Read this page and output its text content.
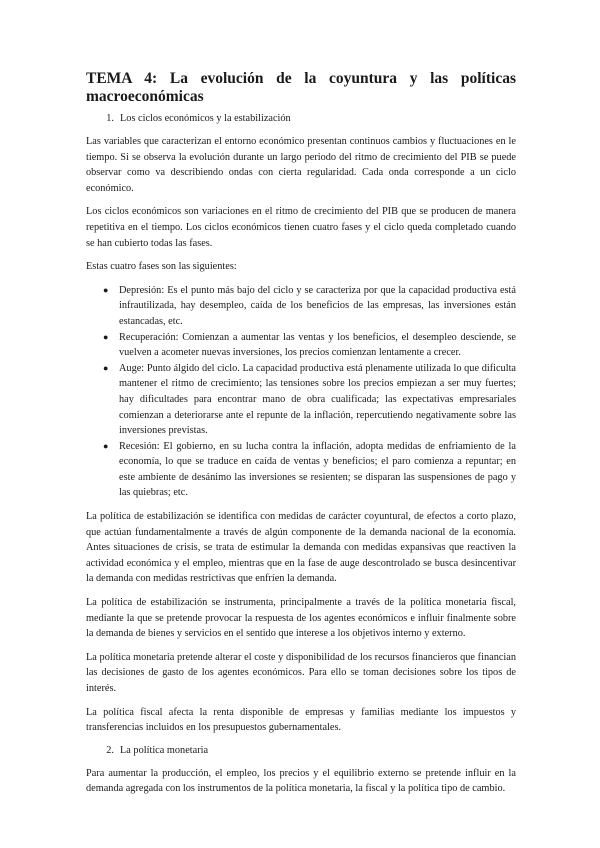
TEMA 4: La evolución de la coyuntura y las políticas macroeconómicas
1. Los ciclos económicos y la estabilización

Las variables que caracterizan el entorno económico presentan continuos cambios y fluctuaciones en le tiempo. Si se observa la evolución durante un largo periodo del ritmo de crecimiento del PIB se puede observar como va describiendo ondas con cierta regularidad. Cada onda corresponde a un ciclo económico.

Los ciclos económicos son variaciones en el ritmo de crecimiento del PIB que se producen de manera repetitiva en el tiempo. Los ciclos económicos tienen cuatro fases y el ciclo queda completado cuando se han cubierto todas las fases.

Estas cuatro fases son las siguientes:

● Depresión: Es el punto más bajo del ciclo y se caracteriza por que la capacidad productiva está infrautilizada, hay desempleo, caída de los beneficios de las empresas, las inversiones están estancadas, etc.
● Recuperación: Comienzan a aumentar las ventas y los beneficios, el desempleo desciende, se vuelven a acometer nuevas inversiones, los precios comienzan lentamente a crecer.
● Auge: Punto álgido del ciclo. La capacidad productiva está plenamente utilizada lo que dificulta mantener el ritmo de crecimiento; las tensiones sobre los precios empiezan a ser muy fuertes; hay dificultades para encontrar mano de obra cualificada; las expectativas empresariales comienzan a deteriorarse ante el repunte de la inflación, repercutiendo negativamente sobre las inversiones previstas.
● Recesión: El gobierno, en su lucha contra la inflación, adopta medidas de enfriamiento de la economía, lo que se traduce en caída de ventas y beneficios; el paro comienza a repuntar; en este ambiente de desánimo las inversiones se resienten; se disparan las suspensiones de pago y las quiebras; etc.

La política de estabilización se identifica con medidas de carácter coyuntural, de efectos a corto plazo, que actúan fundamentalmente a través de algún componente de la demanda nacional de la economía. Antes situaciones de crisis, se trata de estimular la demanda con medidas expansivas que reactiven la actividad económica y el empleo, mientras que en la fase de auge descontrolado se busca desincentivar la demanda con medidas restrictivas que enfríen la demanda.

La política de estabilización se instrumenta, principalmente a través de la política monetaria fiscal, mediante la que se pretende provocar la respuesta de los agentes económicos e influir finalmente sobre la demanda de bienes y servicios en el sentido que interese a los objetivos interno y externo.

La política monetaria pretende alterar el coste y disponibilidad de los recursos financieros que financian las decisiones de gasto de los agentes económicos. Para ello se toman decisiones sobre los tipos de interés.

La política fiscal afecta la renta disponible de empresas y familias mediante los impuestos y transferencias incluidos en los presupuestos gubernamentales.

2. La política monetaria

Para aumentar la producción, el empleo, los precios y el equilibrio externo se pretende influir en la demanda agregada con los instrumentos de la política monetaria, la fiscal y la política tipo de cambio.
